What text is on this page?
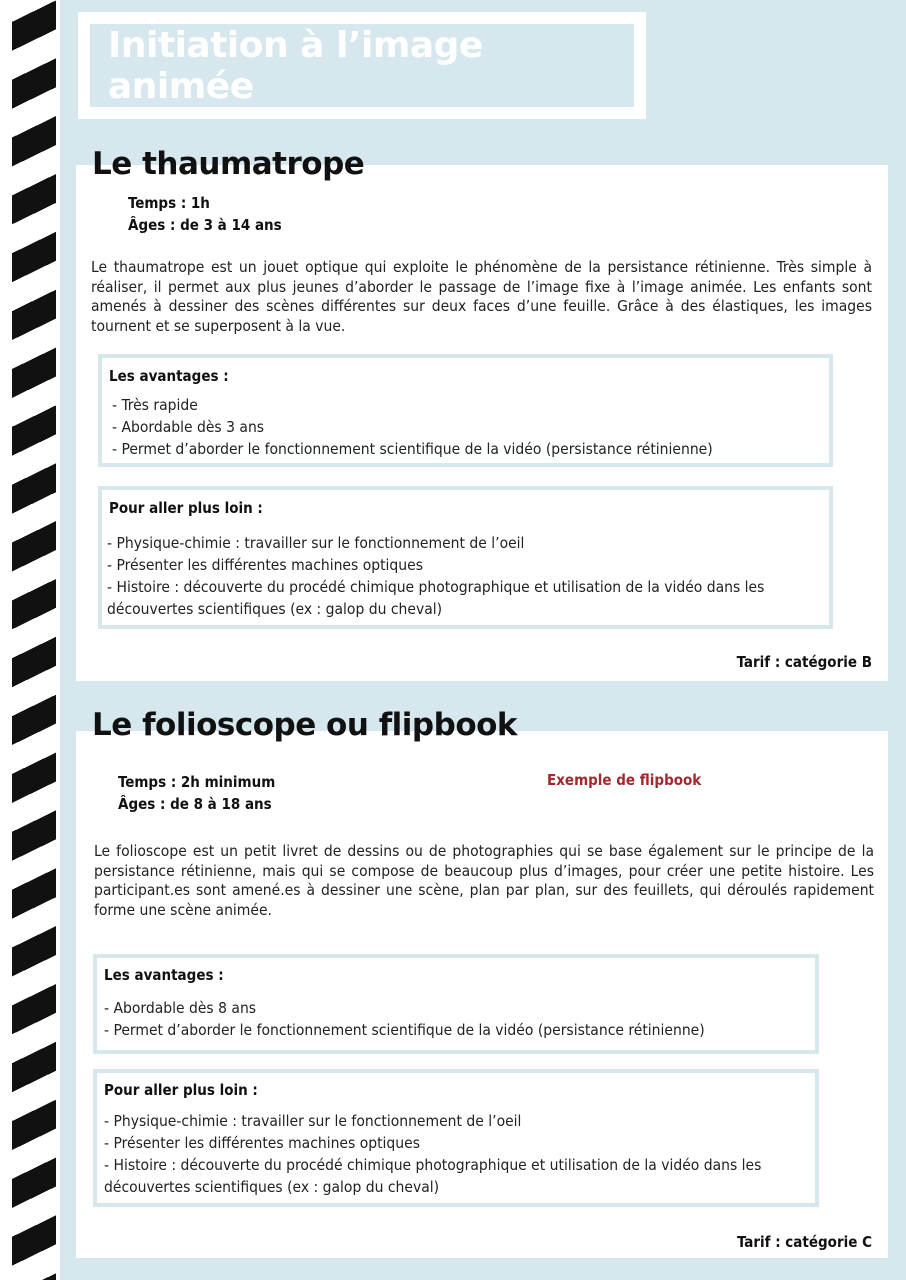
Initiation à l’image animée
Temps : 1h
Âges : de 3 à 14 ans

Le thaumatrope est un jouet optique qui exploite le phénomène de la persistance rétinienne. Très simple à réaliser, il permet aux plus jeunes d’aborder le passage de l’image fixe à l’image animée. Les enfants sont amenés à dessiner des scènes différentes sur deux faces d’une feuille. Grâce à des élastiques, les images tournent et se superposent à la vue.

Les avantages :
- Très rapide
- Abordable dès 3 ans
- Permet d’aborder le fonctionnement scientifique de la vidéo (persistance rétinienne)
Pour aller plus loin :
- Physique-chimie : travailler sur le fonctionnement de l’oeil
- Présenter les différentes machines optiques
- Histoire : découverte du procédé chimique photographique et utilisation de la vidéo dans les découvertes scientifiques (ex : galop du cheval)
Tarif : catégorie B
Le thaumatrope
Temps : 2h minimum
Âges : de 8 à 18 ans
Exemple de flipbook

Le folioscope est un petit livret de dessins ou de photographies qui se base également sur le principe de la persistance rétinienne, mais qui se compose de beaucoup plus d’images, pour créer une petite histoire. Les participant.es sont amené.es à dessiner une scène, plan par plan, sur des feuillets, qui déroulés rapidement forme une scène animée.

Les avantages :
- Abordable dès 8 ans
- Permet d’aborder le fonctionnement scientifique de la vidéo (persistance rétinienne)
Pour aller plus loin :
- Physique-chimie : travailler sur le fonctionnement de l’oeil
- Présenter les différentes machines optiques
- Histoire : découverte du procédé chimique photographique et utilisation de la vidéo dans les découvertes scientifiques (ex : galop du cheval)
Tarif : catégorie C
Le folioscope ou flipbook
